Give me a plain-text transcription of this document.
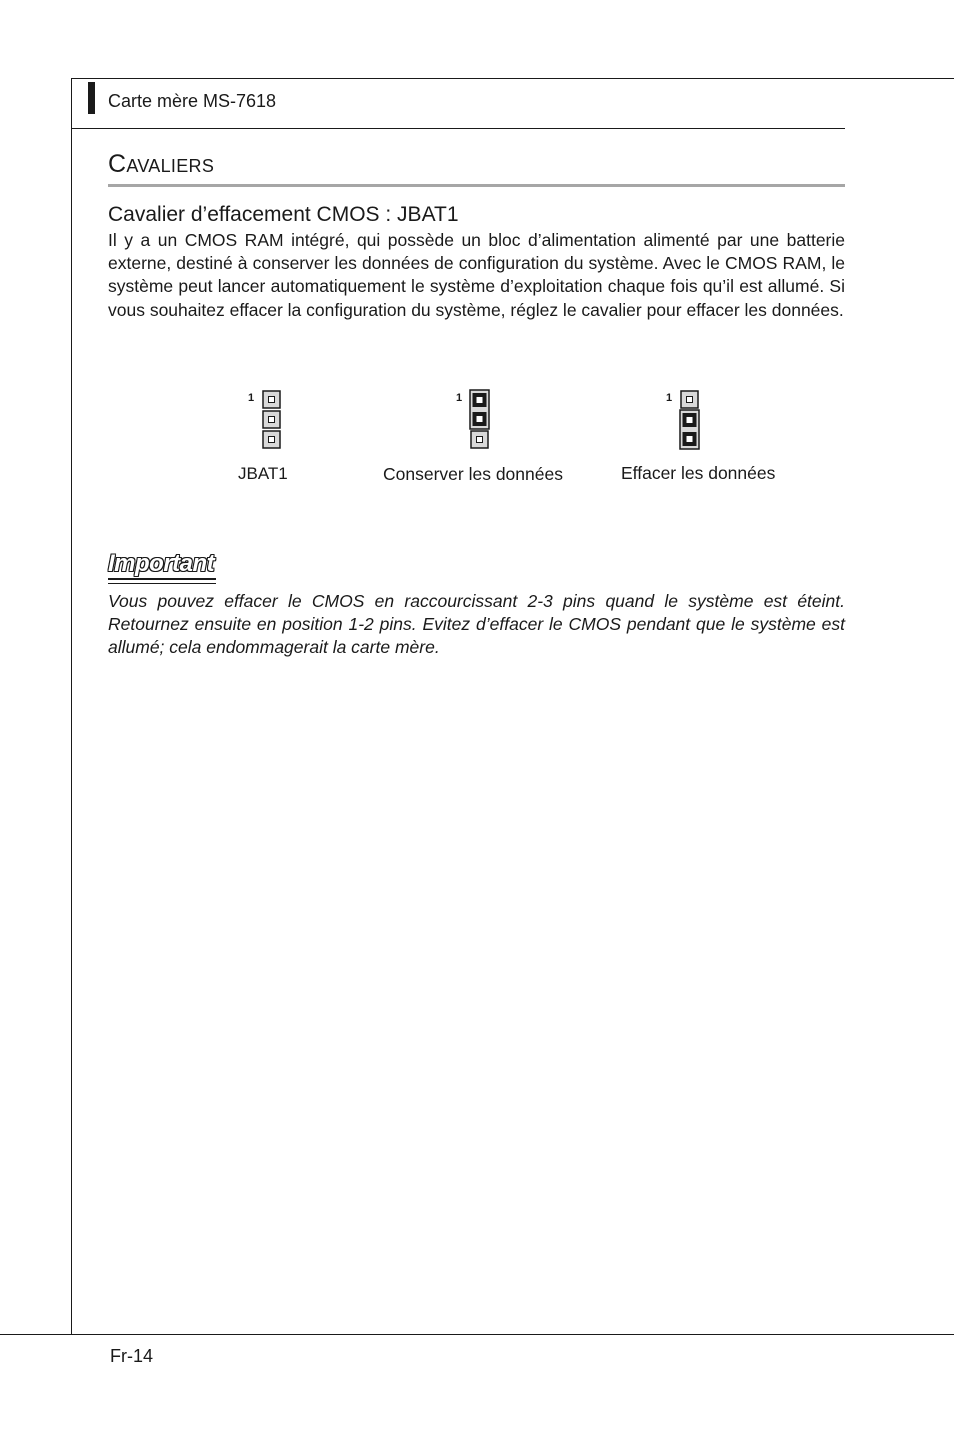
Carte mère MS-7618
Cavaliers
Cavalier d’effacement CMOS : JBAT1

Il y a un CMOS RAM intégré, qui possède un bloc d’alimentation alimenté par une batterie externe, destiné à conserver les données de configuration du système. Avec le CMOS RAM, le système peut lancer automatiquement le système d’exploitation chaque fois qu’il est allumé. Si vous souhaitez effacer la configuration du système, réglez le cavalier pour effacer les données.

1	1	1
JBAT1	Conserver les données	Effacer les données
Important

Vous pouvez effacer le CMOS en raccourcissant 2-3 pins quand le système est éteint. Retournez ensuite en position 1-2 pins. Evitez d’effacer le CMOS pendant que le système est allumé; cela endommagerait la carte mère.

Fr-14
